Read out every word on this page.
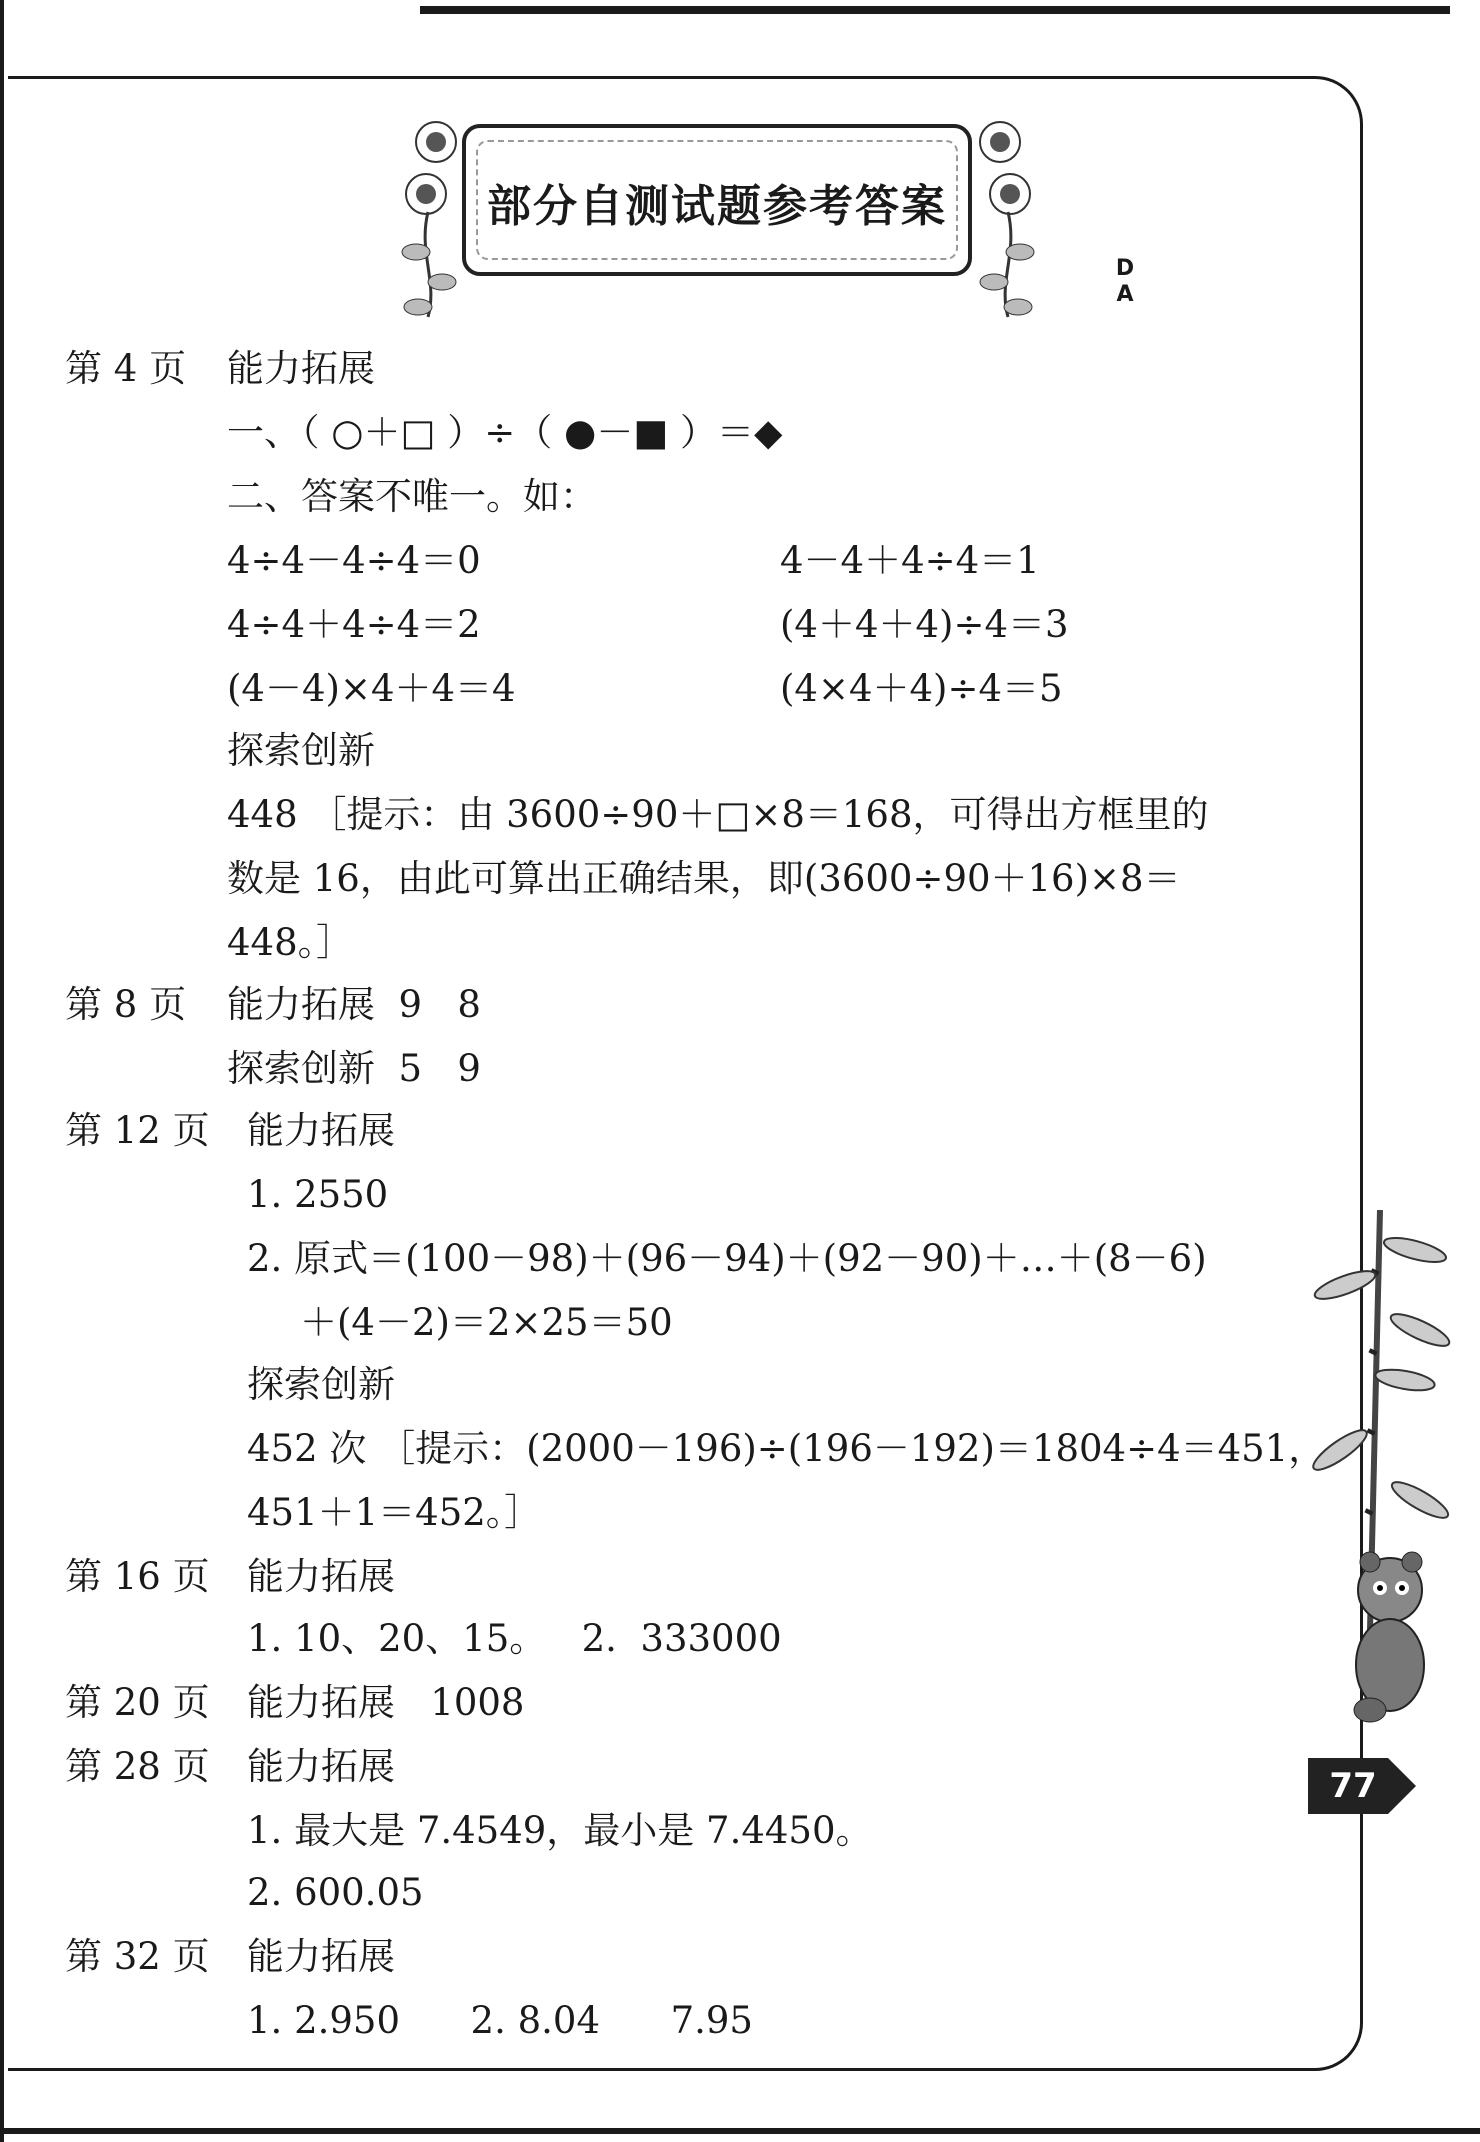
部分自测试题参考答案
D
A
第 4 页 能力拓展
一、（ ○＋□ ）÷（ ●－■ ）＝◆
二、答案不唯一。如：
4÷4－4÷4＝0	4－4＋4÷4＝1
4÷4＋4÷4＝2	(4＋4＋4)÷4＝3
(4－4)×4＋4＝4	(4×4＋4)÷4＝5
探索创新
448 ［提示：由 3600÷90＋□×8＝168，可得出方框里的
数是 16，由此可算出正确结果，即(3600÷90＋16)×8＝
448。］
第 8 页 能力拓展  9   8
探索创新  5   9
第 12 页 能力拓展
1. 2550
2. 原式＝(100－98)＋(96－94)＋(92－90)＋…＋(8－6)
＋(4－2)＝2×25＝50
探索创新
452 次 ［提示：(2000－196)÷(196－192)＝1804÷4＝451，
451＋1＝452。］
第 16 页 能力拓展
1. 10、20、15。   2.  333000
第 20 页 能力拓展   1008
第 28 页 能力拓展
1. 最大是 7.4549，最小是 7.4450。
2. 600.05
第 32 页 能力拓展
1. 2.950      2. 8.04      7.95
77
